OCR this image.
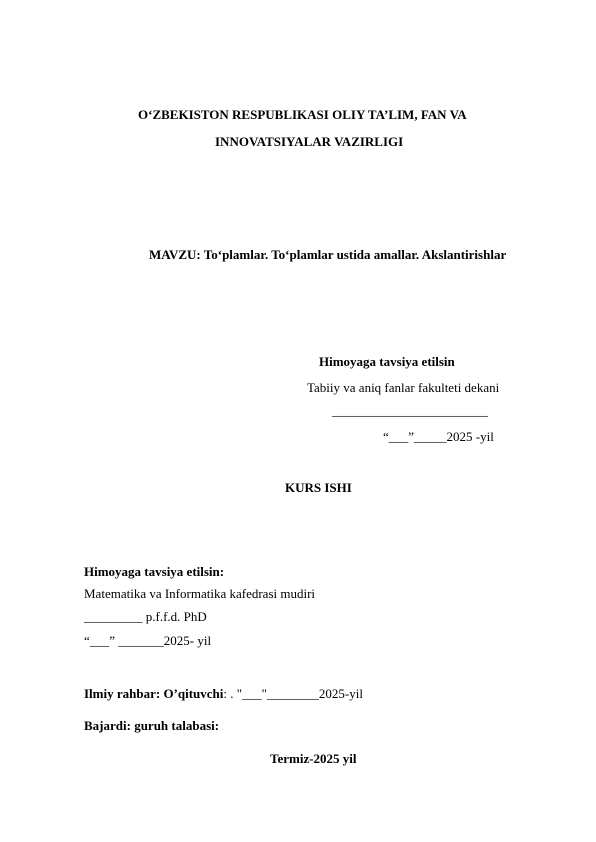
O‘ZBEKISTON RESPUBLIKASI OLIY TA’LIM, FAN VA
INNOVATSIYALAR VAZIRLIGI
MAVZU: To‘plamlar. To‘plamlar ustida amallar. Akslantirishlar
Himoyaga tavsiya etilsin
Tabiiy va aniq fanlar fakulteti dekani
________________________
“___”_____2025 -yil
KURS ISHI
Himoyaga tavsiya etilsin:
Matematika va Informatika kafedrasi mudiri
_________ p.f.f.d. PhD
“___” _______2025- yil
Ilmiy rahbar: O’qituvchi: . "___"________2025-yil
Bajardi: guruh talabasi:
Termiz-2025 yil
